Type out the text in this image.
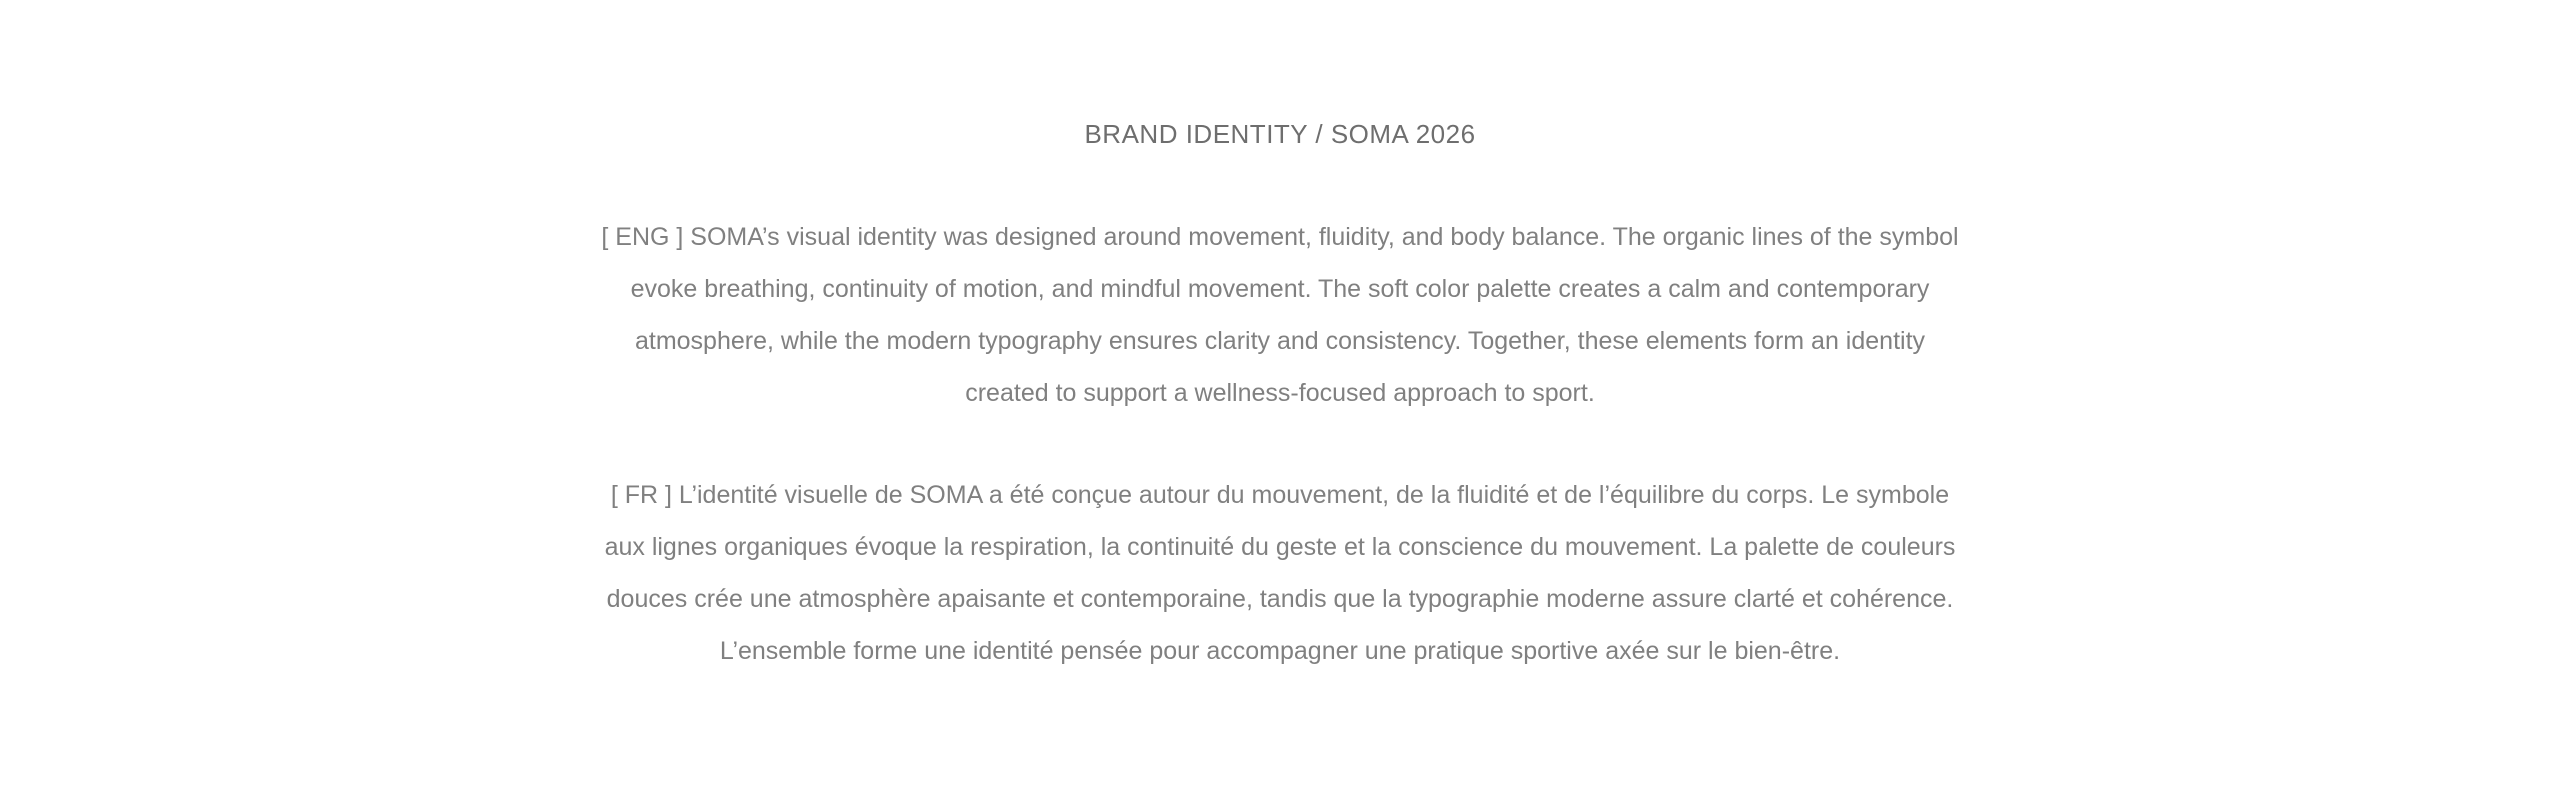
BRAND IDENTITY / SOMA 2026

[ ENG ] SOMA’s visual identity was designed around movement, fluidity, and body balance. The organic lines of the symbol
evoke breathing, continuity of motion, and mindful movement. The soft color palette creates a calm and contemporary
atmosphere, while the modern typography ensures clarity and consistency. Together, these elements form an identity
created to support a wellness-focused approach to sport.

[ FR ] L’identité visuelle de SOMA a été conçue autour du mouvement, de la fluidité et de l’équilibre du corps. Le symbole
aux lignes organiques évoque la respiration, la continuité du geste et la conscience du mouvement. La palette de couleurs
douces crée une atmosphère apaisante et contemporaine, tandis que la typographie moderne assure clarté et cohérence.
L’ensemble forme une identité pensée pour accompagner une pratique sportive axée sur le bien-être.
